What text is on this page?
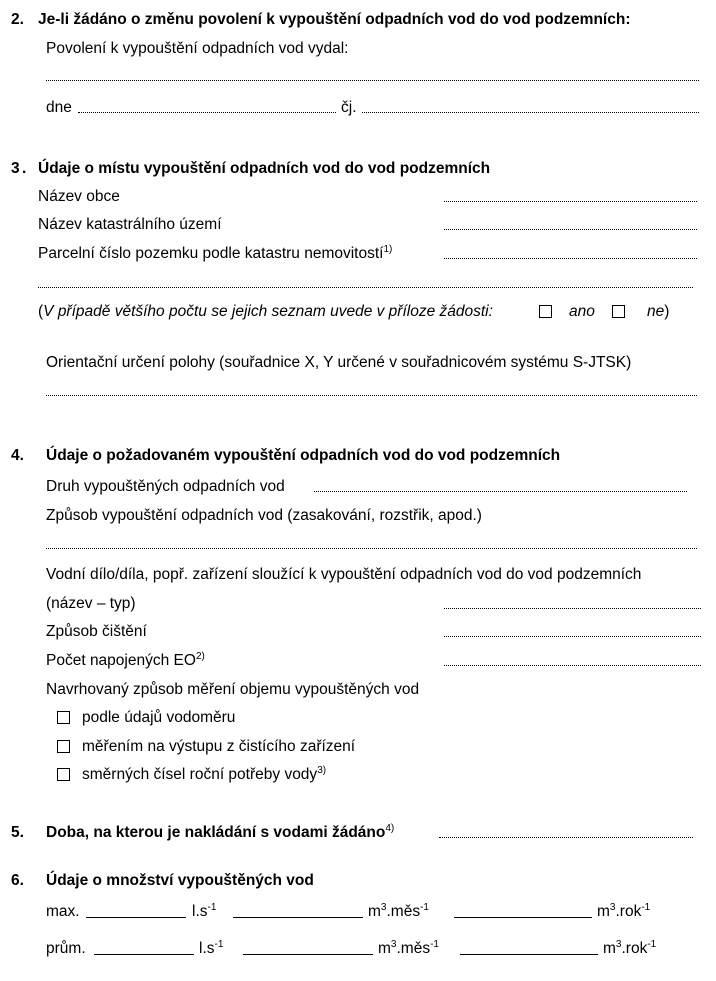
2. Je-li žádáno o změnu povolení k vypouštění odpadních vod do vod podzemních:
Povolení k vypouštění odpadních vod vydal:
dne	čj.
3 . Údaje o místu vypouštění odpadních vod do vod podzemních
Název obce
Název katastrálního území
Parcelní číslo pozemku podle katastru nemovitostí$^{1)}$
(V případě většího počtu se jejich seznam uvede v příloze žádosti:	ano	ne)
Orientační určení polohy (souřadnice X, Y určené v souřadnicovém systému S-JTSK)
4. Údaje o požadovaném vypouštění odpadních vod do vod podzemních
Druh vypouštěných odpadních vod
Způsob vypouštění odpadních vod (zasakování, rozstřik, apod.)
Vodní dílo/díla, popř. zařízení sloužící k vypouštění odpadních vod do vod podzemních
(název – typ)
Způsob čištění
Počet napojených EO$^{2)}$
Navrhovaný způsob měření objemu vypouštěných vod
podle údajů vodoměru
měřením na výstupu z čistícího zařízení
směrných čísel roční potřeby vody$^{3)}$
5. Doba, na kterou je nakládání s vodami žádáno$^{4)}$
6. Údaje o množství vypouštěných vod
max.	$l.s^{-1}$	$m^3.měs^{-1}$	$m^3.rok^{-1}$
prům.	$l.s^{-1}$	$m^3.měs^{-1}$	$m^3.rok^{-1}$
